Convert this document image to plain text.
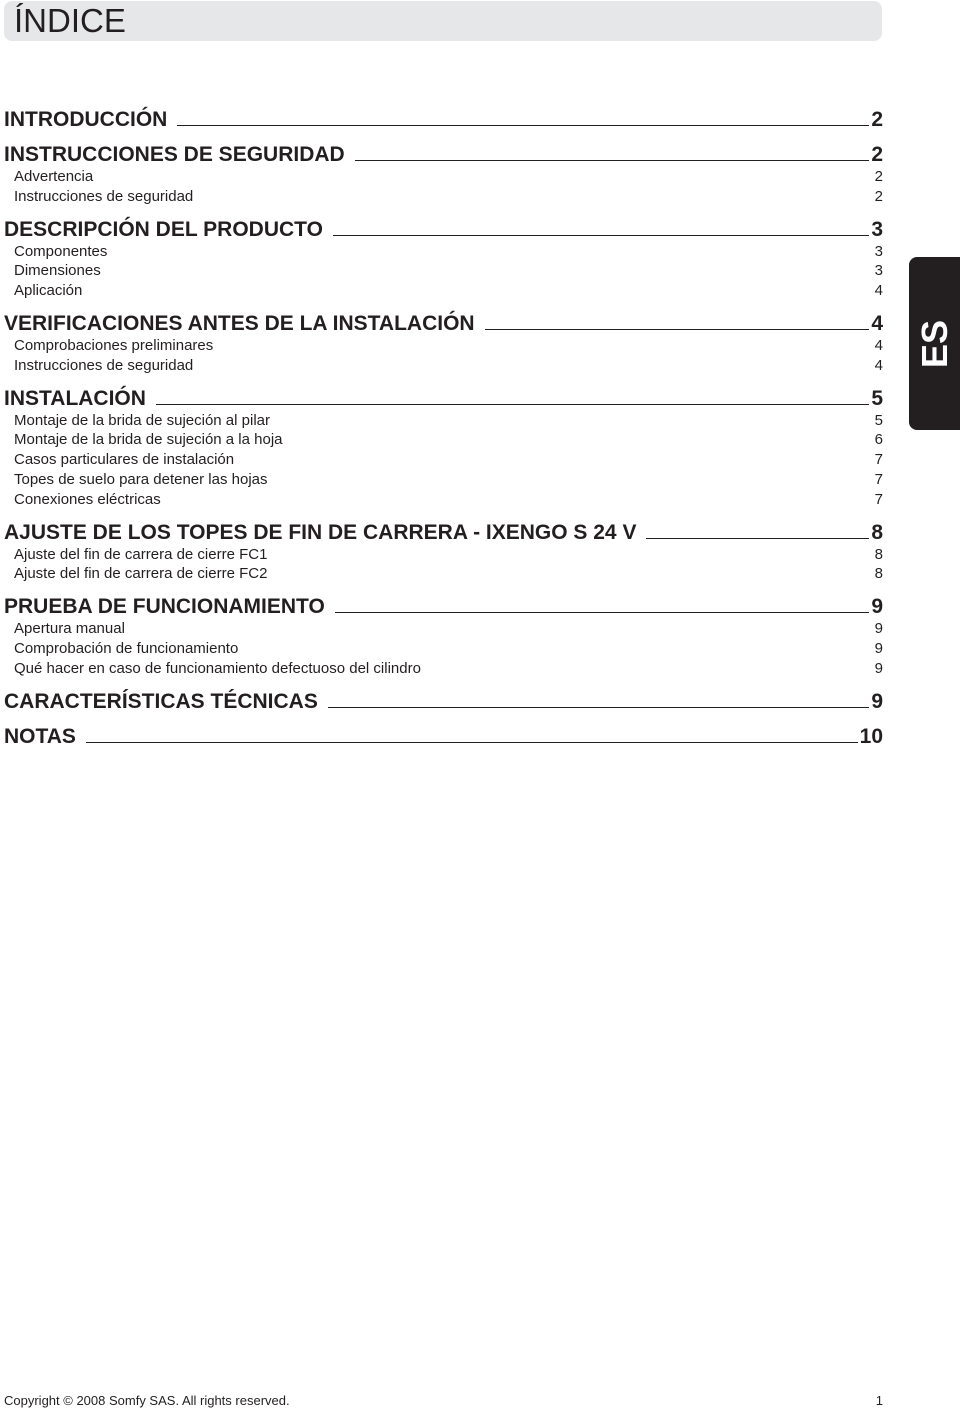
ÍNDICE
INTRODUCCIÓN	2
INSTRUCCIONES DE SEGURIDAD	2
Advertencia	2
Instrucciones de seguridad	2
DESCRIPCIÓN DEL PRODUCTO	3
Componentes	3
Dimensiones	3
Aplicación	4
VERIFICACIONES ANTES DE LA INSTALACIÓN	4
Comprobaciones preliminares	4
Instrucciones de seguridad	4
INSTALACIÓN	5
Montaje de la brida de sujeción al pilar	5
Montaje de la brida de sujeción a la hoja	6
Casos particulares de instalación	7
Topes de suelo para detener las hojas	7
Conexiones eléctricas	7
AJUSTE DE LOS TOPES DE FIN DE CARRERA - IXENGO S 24 V	8
Ajuste del fin de carrera de cierre FC1	8
Ajuste del fin de carrera de cierre FC2	8
PRUEBA DE FUNCIONAMIENTO	9
Apertura manual	9
Comprobación de funcionamiento	9
Qué hacer en caso de funcionamiento defectuoso del cilindro	9
CARACTERÍSTICAS TÉCNICAS	9
NOTAS	10
ES
Copyright © 2008 Somfy SAS. All rights reserved.	1
